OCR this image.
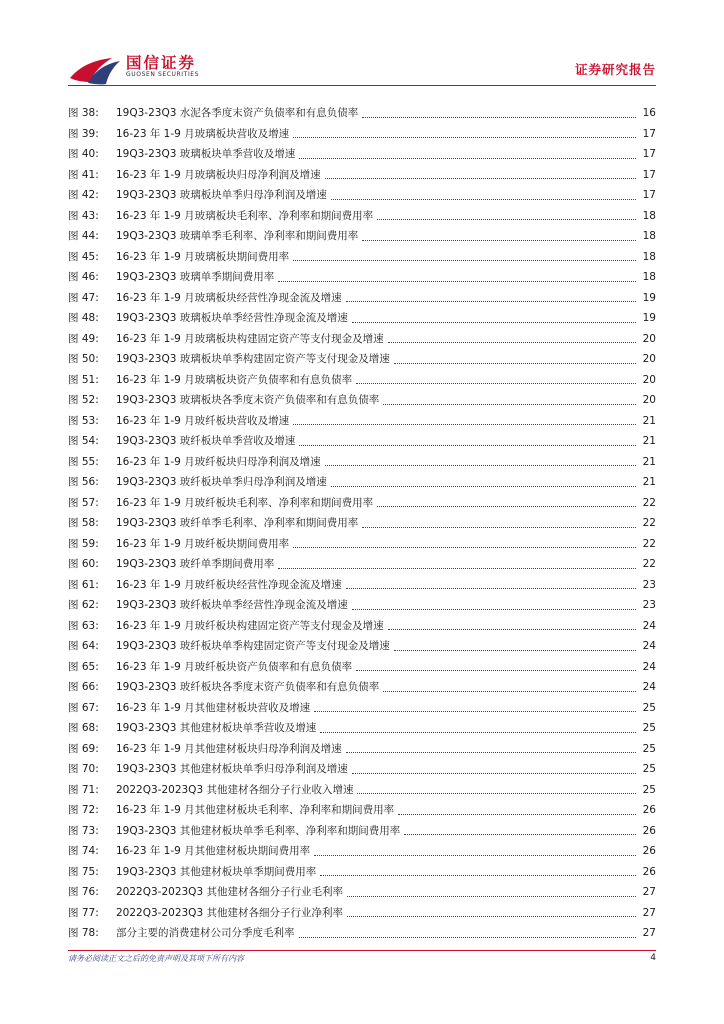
国信证券
GUOSEN SECURITIES	证券研究报告
图 38:	19Q3-23Q3 水泥各季度末资产负债率和有息负债率	16
图 39:	16-23 年 1-9 月玻璃板块营收及增速	17
图 40:	19Q3-23Q3 玻璃板块单季营收及增速	17
图 41:	16-23 年 1-9 月玻璃板块归母净利润及增速	17
图 42:	19Q3-23Q3 玻璃板块单季归母净利润及增速	17
图 43:	16-23 年 1-9 月玻璃板块毛利率、净利率和期间费用率	18
图 44:	19Q3-23Q3 玻璃单季毛利率、净利率和期间费用率	18
图 45:	16-23 年 1-9 月玻璃板块期间费用率	18
图 46:	19Q3-23Q3 玻璃单季期间费用率	18
图 47:	16-23 年 1-9 月玻璃板块经营性净现金流及增速	19
图 48:	19Q3-23Q3 玻璃板块单季经营性净现金流及增速	19
图 49:	16-23 年 1-9 月玻璃板块构建固定资产等支付现金及增速	20
图 50:	19Q3-23Q3 玻璃板块单季构建固定资产等支付现金及增速	20
图 51:	16-23 年 1-9 月玻璃板块资产负债率和有息负债率	20
图 52:	19Q3-23Q3 玻璃板块各季度末资产负债率和有息负债率	20
图 53:	16-23 年 1-9 月玻纤板块营收及增速	21
图 54:	19Q3-23Q3 玻纤板块单季营收及增速	21
图 55:	16-23 年 1-9 月玻纤板块归母净利润及增速	21
图 56:	19Q3-23Q3 玻纤板块单季归母净利润及增速	21
图 57:	16-23 年 1-9 月玻纤板块毛利率、净利率和期间费用率	22
图 58:	19Q3-23Q3 玻纤单季毛利率、净利率和期间费用率	22
图 59:	16-23 年 1-9 月玻纤板块期间费用率	22
图 60:	19Q3-23Q3 玻纤单季期间费用率	22
图 61:	16-23 年 1-9 月玻纤板块经营性净现金流及增速	23
图 62:	19Q3-23Q3 玻纤板块单季经营性净现金流及增速	23
图 63:	16-23 年 1-9 月玻纤板块构建固定资产等支付现金及增速	24
图 64:	19Q3-23Q3 玻纤板块单季构建固定资产等支付现金及增速	24
图 65:	16-23 年 1-9 月玻纤板块资产负债率和有息负债率	24
图 66:	19Q3-23Q3 玻纤板块各季度末资产负债率和有息负债率	24
图 67:	16-23 年 1-9 月其他建材板块营收及增速	25
图 68:	19Q3-23Q3 其他建材板块单季营收及增速	25
图 69:	16-23 年 1-9 月其他建材板块归母净利润及增速	25
图 70:	19Q3-23Q3 其他建材板块单季归母净利润及增速	25
图 71:	2022Q3-2023Q3 其他建材各细分子行业收入增速	25
图 72:	16-23 年 1-9 月其他建材板块毛利率、净利率和期间费用率	26
图 73:	19Q3-23Q3 其他建材板块单季毛利率、净利率和期间费用率	26
图 74:	16-23 年 1-9 月其他建材板块期间费用率	26
图 75:	19Q3-23Q3 其他建材板块单季期间费用率	26
图 76:	2022Q3-2023Q3 其他建材各细分子行业毛利率	27
图 77:	2022Q3-2023Q3 其他建材各细分子行业净利率	27
图 78:	部分主要的消费建材公司分季度毛利率	27
请务必阅读正文之后的免责声明及其项下所有内容	4
